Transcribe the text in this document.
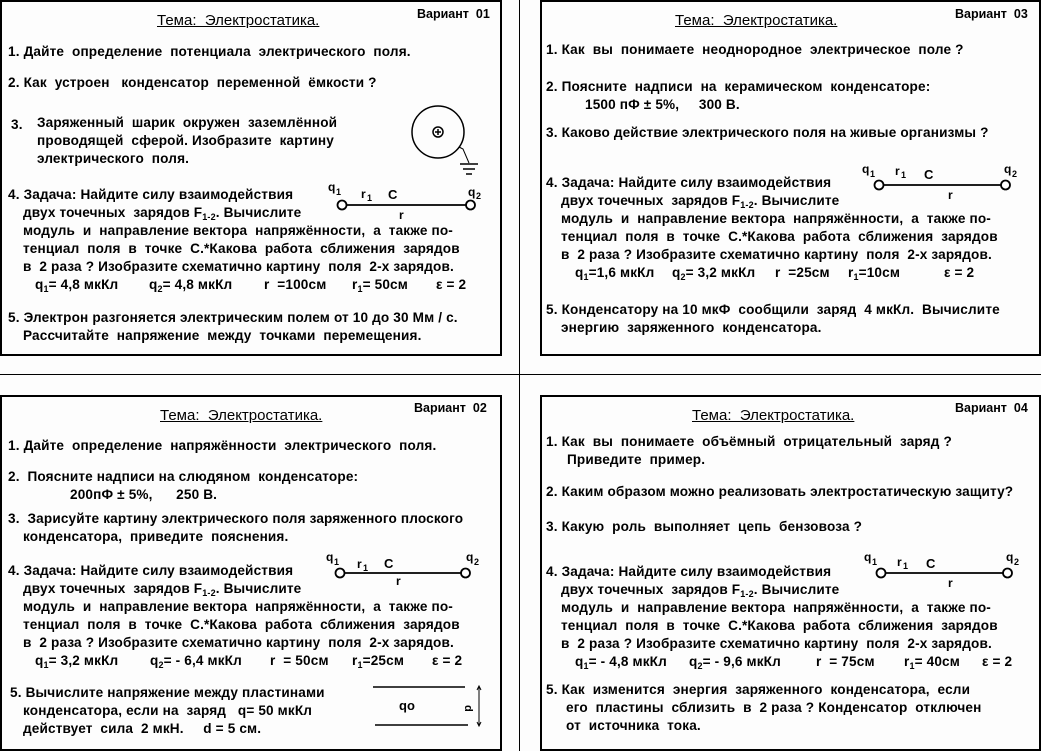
Тема:  Электростатика.	Вариант  01
1. Дайте  определение  потенциала  электрического  поля.
2. Как  устроен   конденсатор  переменной  ёмкости ?
3. Заряженный  шарик  окружен  заземлённой
проводящей  сферой. Изобразите  картину
электрического  поля.
4. Задача: Найдите силу взаимодействия
двух точечных  зарядов $F_{1-2}$. Вычислите
модуль  и  направление вектора  напряжённости,  а  также по-
тенциал  поля  в  точке  С.*Какова  работа  сближения  зарядов
в  2 раза ? Изобразите схематично картину  поля  2-х зарядов.
$q_1= 4,8$ мкКл $q_2= 4,8$ мкКл r  =100см $r_1= 50см$ ε = 2
5. Электрон разгоняется электрическим полем от 10 до 30 Мм / с.
Рассчитайте  напряжение  между  точками  перемещения.
q 1 r 1 C	q 2
r
Тема:  Электростатика.	Вариант  03
1. Как  вы  понимаете  неоднородное  электрическое  поле ?
2. Поясните  надписи  на  керамическом  конденсаторе:
1500 пФ ± 5%,     300 В.
3. Каково действие электрического поля на живые организмы ?
4. Задача: Найдите силу взаимодействия
двух точечных  зарядов $F_{1-2}$. Вычислите
модуль  и  направление вектора  напряжённости,  а  также по-
тенциал  поля  в  точке  С.*Какова  работа  сближения  зарядов
в  2 раза ? Изобразите схематично картину  поля  2-х зарядов.
$q_1=1,6$ мкКл $q_2= 3,2$ мкКл r  =25см $r_1=10см$	ε = 2
5. Конденсатору на 10 мкФ  сообщили  заряд  4 мкКл.  Вычислите
энергию  заряженного  конденсатора.
q 1 r 1 C	q 2
r
Тема:  Электростатика.	Вариант  02
1. Дайте  определение  напряжённости  электрического  поля.
2.  Поясните надписи на слюдяном  конденсаторе:
200пФ ± 5%,      250 В.
3.  Зарисуйте картину электрического поля заряженного плоского
конденсатора,  приведите  пояснения.
4. Задача: Найдите силу взаимодействия
двух точечных  зарядов $F_{1-2}$. Вычислите
модуль  и  направление вектора  напряжённости,  а  также по-
тенциал  поля  в  точке  С.*Какова  работа  сближения  зарядов
в  2 раза ? Изобразите схематично картину  поля  2-х зарядов.
$q_1= 3,2$ мкКл $q_2= - 6,4$ мкКл r  = 50см $r_1=25см$ ε = 2
5. Вычислите напряжение между пластинами
конденсатора, если на  заряд   q= 50 мкКл
действует  сила  2 мкН.     d = 5 см.
q 1 r 1 C	q 2
r
qo	d
Тема:  Электростатика.	Вариант  04
1. Как  вы  понимаете  объёмный  отрицательный  заряд ?
Приведите  пример.
2. Каким образом можно реализовать электростатическую защиту?
3. Какую  роль  выполняет  цепь  бензовоза ?
4. Задача: Найдите силу взаимодействия
двух точечных  зарядов $F_{1-2}$. Вычислите
модуль  и  направление вектора  напряжённости,  а  также по-
тенциал  поля  в  точке  С.*Какова  работа  сближения  зарядов
в  2 раза ? Изобразите схематично картину  поля  2-х зарядов.
$q_1= - 4,8$ мкКл $q_2= - 9,6$ мкКл	r  = 75см $r_1= 40см$ ε = 2
5. Как  изменится  энергия  заряженного  конденсатора,  если
его  пластины  сблизить  в  2 раза ? Конденсатор  отключен
от  источника  тока.
q 1 r 1 C	q 2
r
